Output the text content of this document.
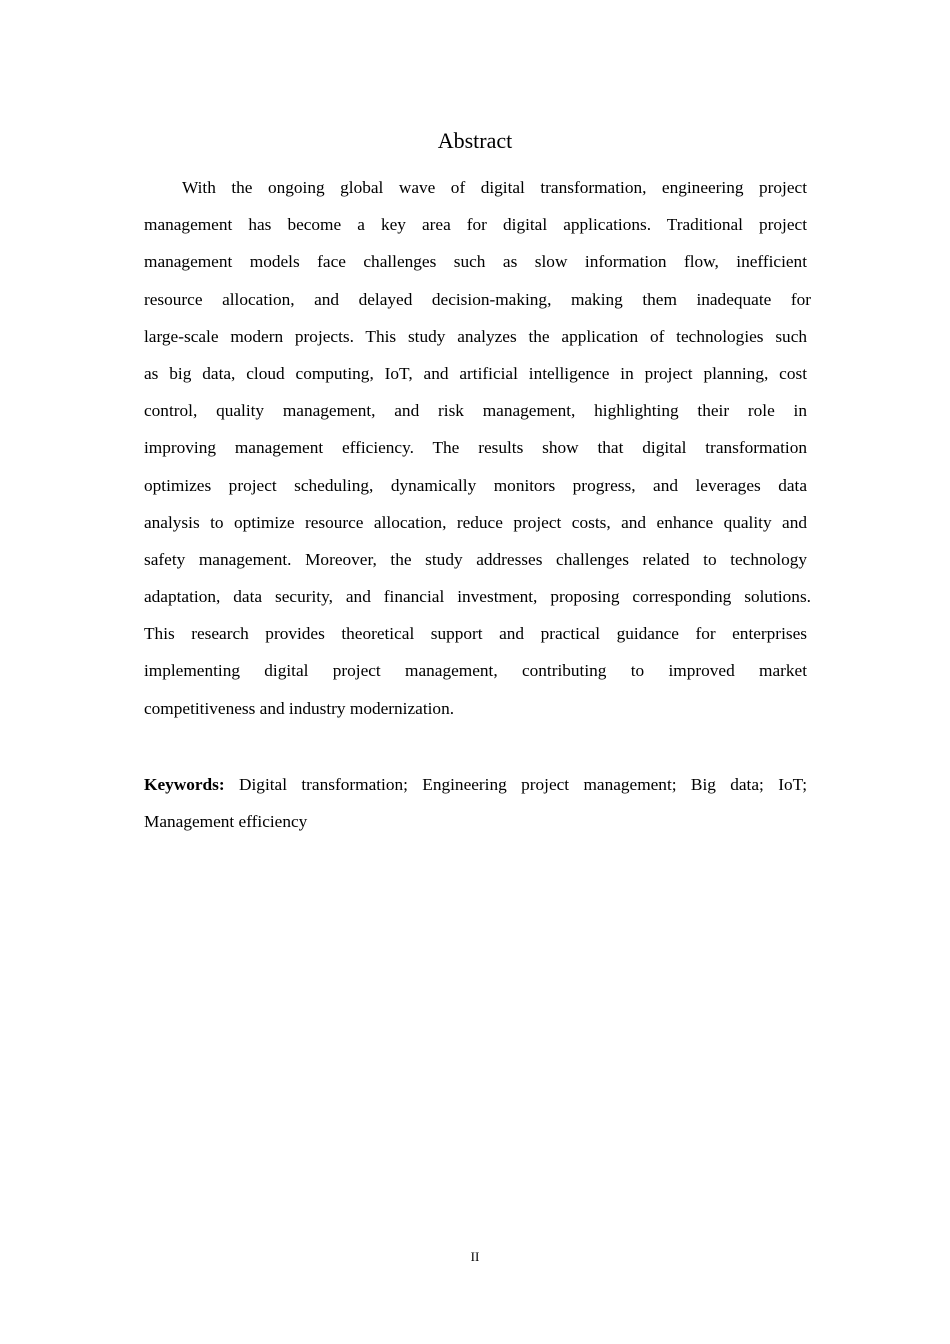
Abstract
With the ongoing global wave of digital transformation, engineering project
management has become a key area for digital applications. Traditional project
management models face challenges such as slow information flow, inefficient
resource allocation, and delayed decision-making, making them inadequate for
large-scale modern projects. This study analyzes the application of technologies such
as big data, cloud computing, IoT, and artificial intelligence in project planning, cost
control, quality management, and risk management, highlighting their role in
improving management efficiency. The results show that digital transformation
optimizes project scheduling, dynamically monitors progress, and leverages data
analysis to optimize resource allocation, reduce project costs, and enhance quality and
safety management. Moreover, the study addresses challenges related to technology
adaptation, data security, and financial investment, proposing corresponding solutions.
This research provides theoretical support and practical guidance for enterprises
implementing digital project management, contributing to improved market
competitiveness and industry modernization.
Keywords: Digital transformation; Engineering project management; Big data; IoT;
Management efficiency
II
